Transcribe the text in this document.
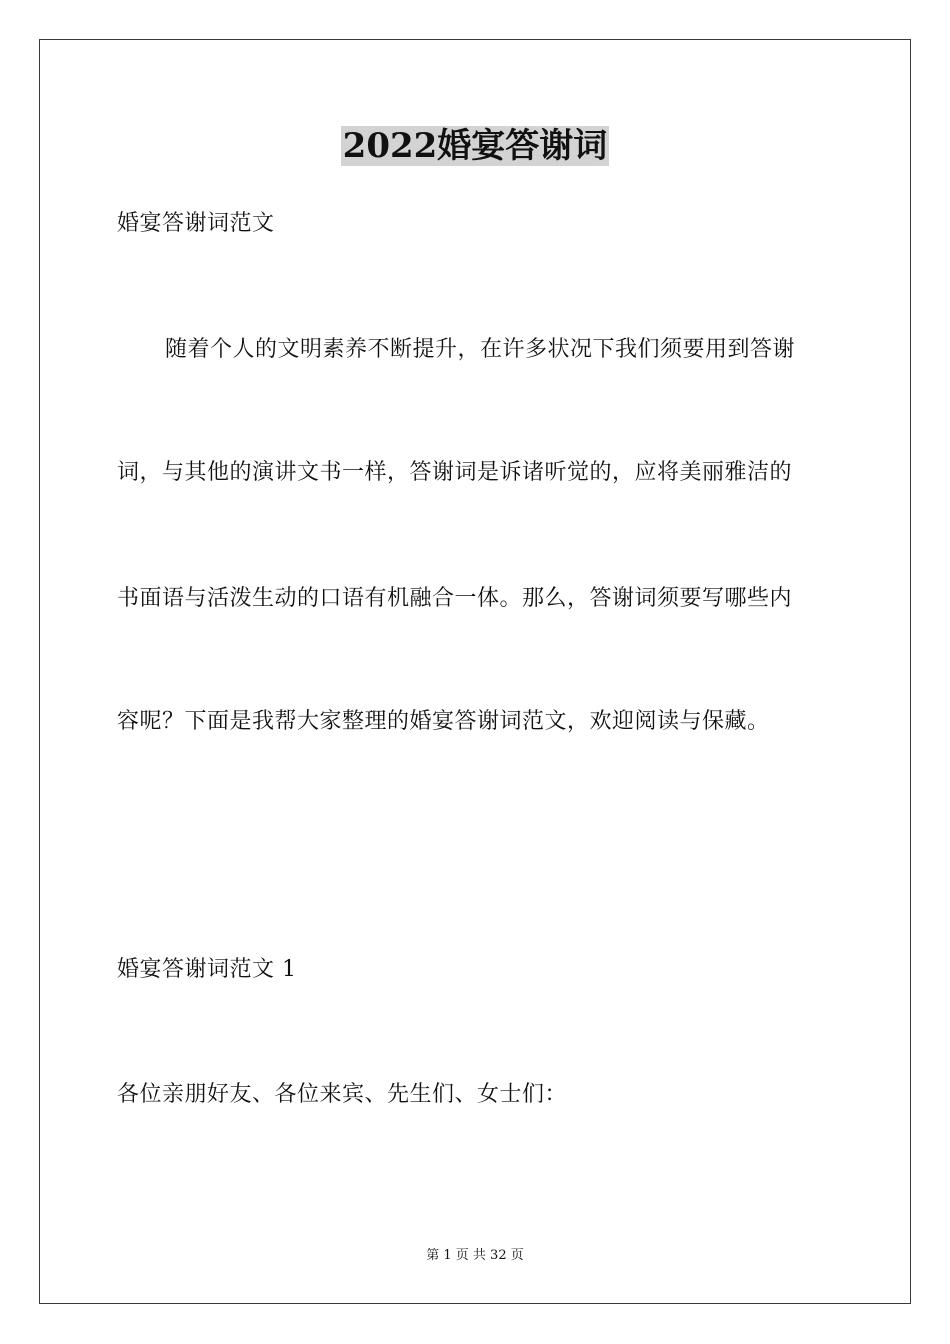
2022婚宴答谢词
婚宴答谢词范文
随着个人的文明素养不断提升，在许多状况下我们须要用到答谢
词，与其他的演讲文书一样，答谢词是诉诸听觉的，应将美丽雅洁的
书面语与活泼生动的口语有机融合一体。那么，答谢词须要写哪些内
容呢？下面是我帮大家整理的婚宴答谢词范文，欢迎阅读与保藏。
婚宴答谢词范文 1
各位亲朋好友、各位来宾、先生们、女士们：
第 1 页 共 32 页
